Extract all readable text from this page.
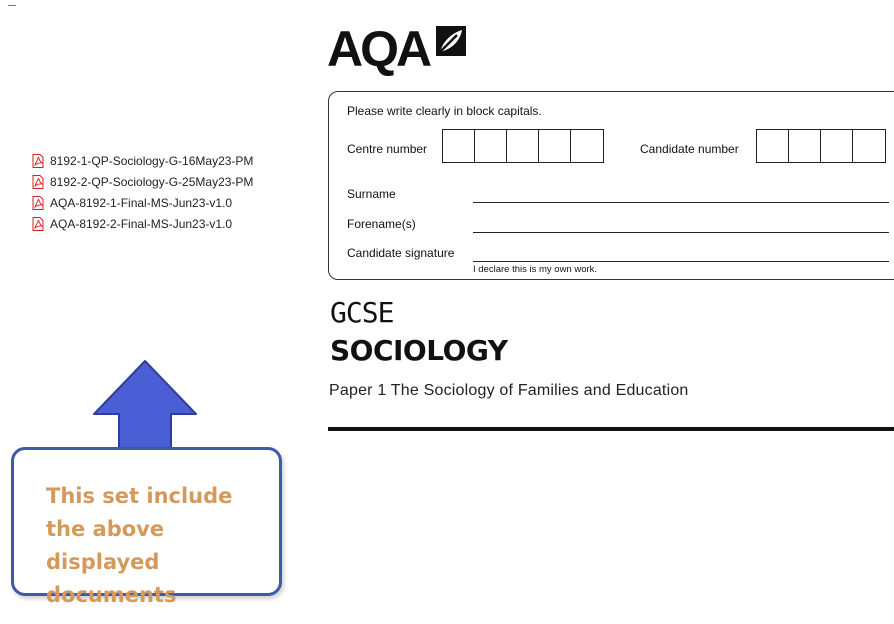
8192-1-QP-Sociology-G-16May23-PM
8192-2-QP-Sociology-G-25May23-PM
AQA-8192-1-Final-MS-Jun23-v1.0
AQA-8192-2-Final-MS-Jun23-v1.0
This set include the above displayed documents
AQA
Please write clearly in block capitals.
Centre number	Candidate number
Surname
Forename(s)
Candidate signature
I declare this is my own work.
GCSE
SOCIOLOGY
Paper 1 The Sociology of Families and Education
